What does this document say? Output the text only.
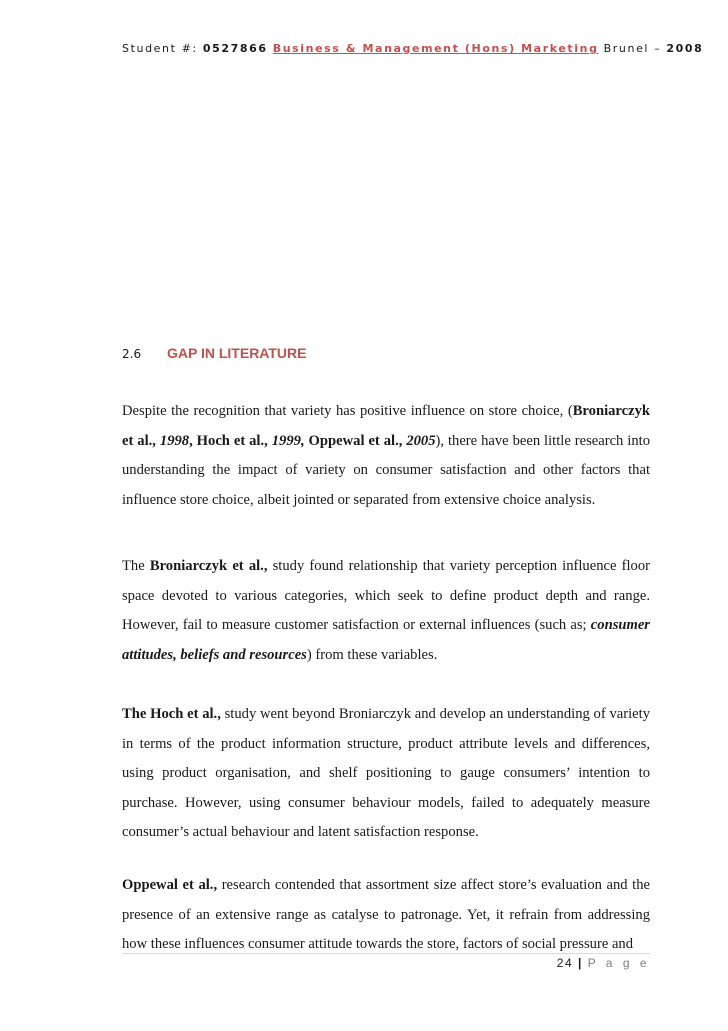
Student #: 0527866 Business & Management (Hons) Marketing Brunel – 2008
2.6 GAP IN LITERATURE
Despite the recognition that variety has positive influence on store choice, (Broniarczyk et al., 1998, Hoch et al., 1999, Oppewal et al., 2005), there have been little research into understanding the impact of variety on consumer satisfaction and other factors that influence store choice, albeit jointed or separated from extensive choice analysis.
The Broniarczyk et al., study found relationship that variety perception influence floor space devoted to various categories, which seek to define product depth and range. However, fail to measure customer satisfaction or external influences (such as; consumer attitudes, beliefs and resources) from these variables.
The Hoch et al., study went beyond Broniarczyk and develop an understanding of variety in terms of the product information structure, product attribute levels and differences, using product organisation, and shelf positioning to gauge consumers’ intention to purchase. However, using consumer behaviour models, failed to adequately measure consumer’s actual behaviour and latent satisfaction response.
Oppewal et al., research contended that assortment size affect store’s evaluation and the presence of an extensive range as catalyse to patronage. Yet, it refrain from addressing how these influences consumer attitude towards the store, factors of social pressure and
24 | P a g e
